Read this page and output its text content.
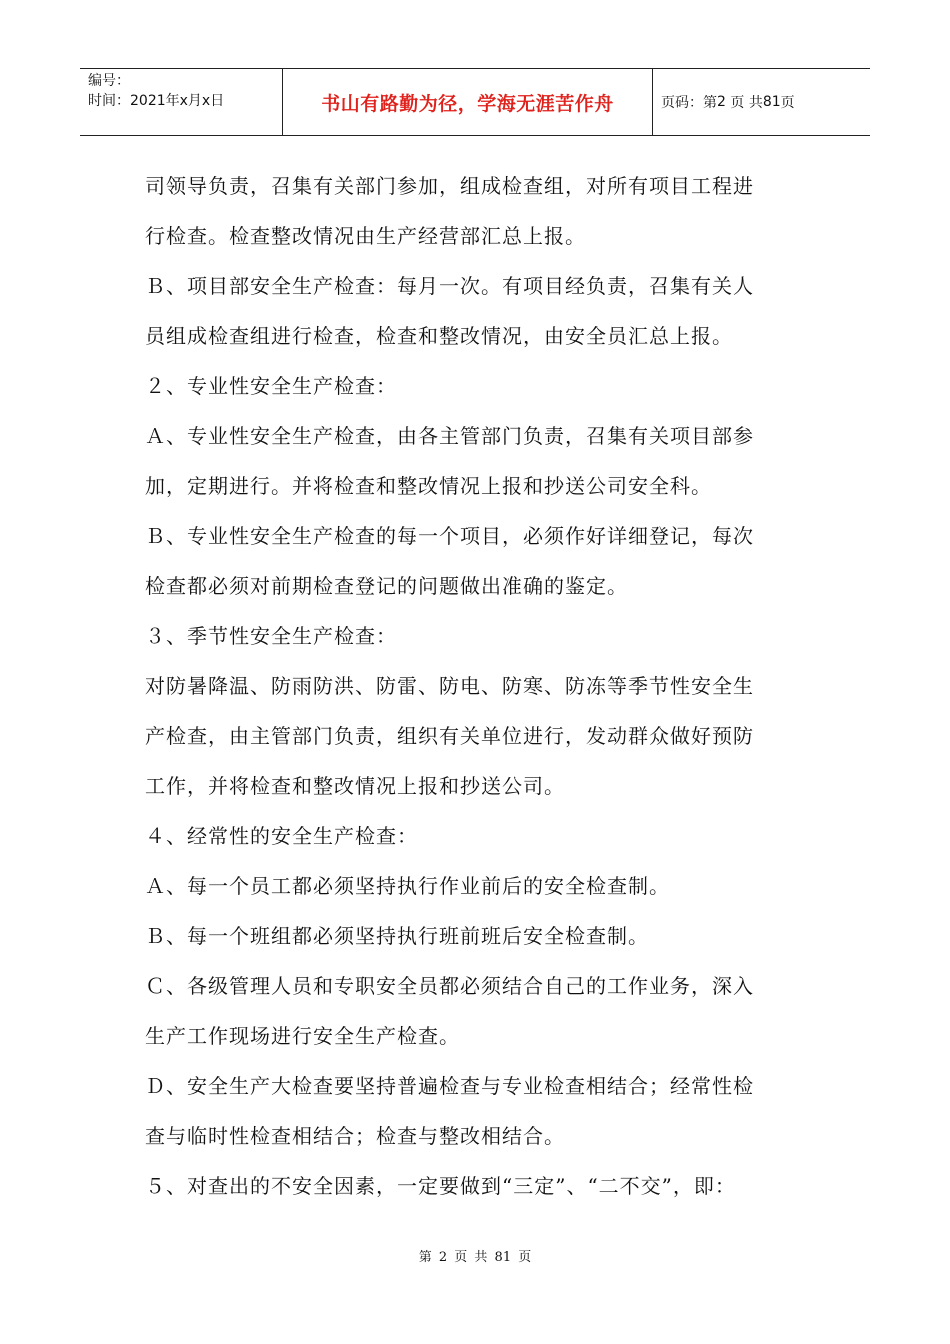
编号：
时间：2021年x月x日	书山有路勤为径，学海无涯苦作舟	页码：第 2
页 共 81 页

司领导负责，召集有关部门参加，组成检查组，对所有项目工程进

行检查。检查整改情况由生产经营部汇总上报。

Ｂ、项目部安全生产检查：每月一次。有项目经负责，召集有关人

员组成检查组进行检查，检查和整改情况，由安全员汇总上报。

２、专业性安全生产检查：

Ａ、专业性安全生产检查，由各主管部门负责，召集有关项目部参

加，定期进行。并将检查和整改情况上报和抄送公司安全科。

Ｂ、专业性安全生产检查的每一个项目，必须作好详细登记，每次

检查都必须对前期检查登记的问题做出准确的鉴定。

３、季节性安全生产检查：

对防暑降温、防雨防洪、防雷、防电、防寒、防冻等季节性安全生

产检查，由主管部门负责，组织有关单位进行，发动群众做好预防

工作，并将检查和整改情况上报和抄送公司。

４、经常性的安全生产检查：

Ａ、每一个员工都必须坚持执行作业前后的安全检查制。

Ｂ、每一个班组都必须坚持执行班前班后安全检查制。

Ｃ、各级管理人员和专职安全员都必须结合自己的工作业务，深入

生产工作现场进行安全生产检查。

Ｄ、安全生产大检查要坚持普遍检查与专业检查相结合；经常性检

查与临时性检查相结合；检查与整改相结合。

５、对查出的不安全因素，一定要做到“三定”、“二不交”，即：

第 2 页 共 81 页
